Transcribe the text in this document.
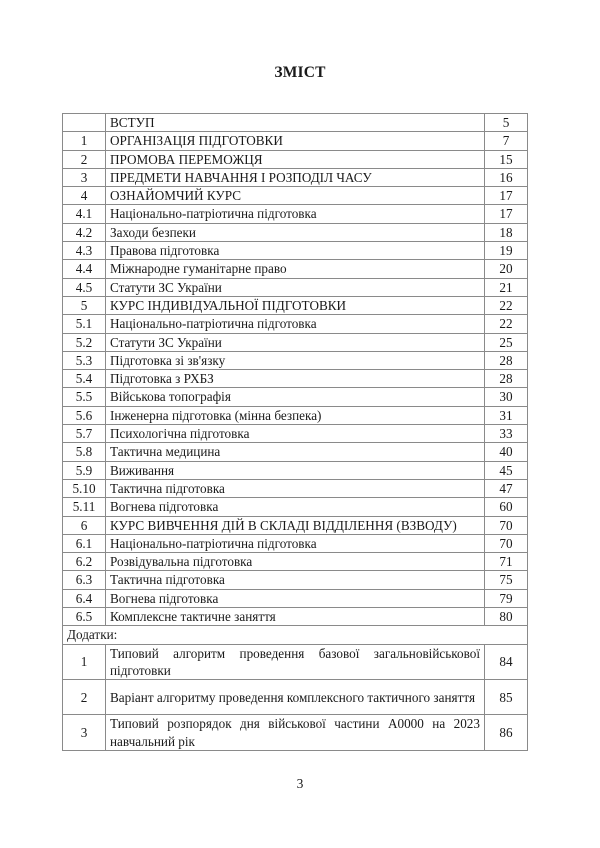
ЗМІСТ
	ВСТУП	5
1	ОРГАНІЗАЦІЯ ПІДГОТОВКИ	7
2	ПРОМОВА ПЕРЕМОЖЦЯ	15
3	ПРЕДМЕТИ НАВЧАННЯ І РОЗПОДІЛ ЧАСУ	16
4	ОЗНАЙОМЧИЙ КУРС	17
4.1	Національно-патріотична підготовка	17
4.2	Заходи безпеки	18
4.3	Правова підготовка	19
4.4	Міжнародне гуманітарне право	20
4.5	Статути ЗС України	21
5	КУРС ІНДИВІДУАЛЬНОЇ ПІДГОТОВКИ	22
5.1	Національно-патріотична підготовка	22
5.2	Статути ЗС України	25
5.3	Підготовка зі зв'язку	28
5.4	Підготовка з РХБЗ	28
5.5	Військова топографія	30
5.6	Інженерна підготовка (мінна безпека)	31
5.7	Психологічна підготовка	33
5.8	Тактична медицина	40
5.9	Виживання	45
5.10	Тактична підготовка	47
5.11	Вогнева підготовка	60
6	КУРС ВИВЧЕННЯ ДІЙ В СКЛАДІ ВІДДІЛЕННЯ (ВЗВОДУ)	70
6.1	Національно-патріотична підготовка	70
6.2	Розвідувальна підготовка	71
6.3	Тактична підготовка	75
6.4	Вогнева підготовка	79
6.5	Комплексне тактичне заняття	80
Додатки:		
1	Типовий алгоритм проведення базової загальновійськової підготовки	84
2	Варіант алгоритму проведення комплексного тактичного заняття	85
3	Типовий розпорядок дня військової частини А0000 на 2023 навчальний рік	86
3
